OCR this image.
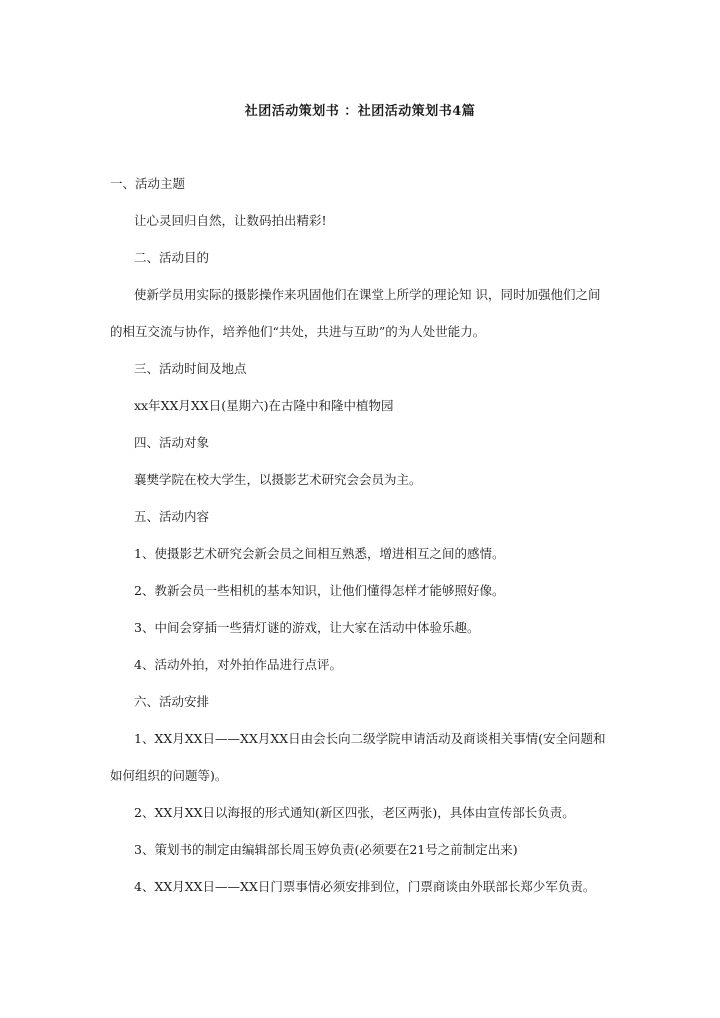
社团活动策划书 ：社团活动策划书4篇
一、活动主题
让心灵回归自然，让数码拍出精彩!
二、活动目的
使新学员用实际的摄影操作来巩固他们在课堂上所学的理论知 识，同时加强他们之间
的相互交流与协作，培养他们“共处，共进与互助”的为人处世能力。
三、活动时间及地点
xx年XX月XX日(星期六)在古隆中和隆中植物园
四、活动对象
襄樊学院在校大学生，以摄影艺术研究会会员为主。
五、活动内容
1、使摄影艺术研究会新会员之间相互熟悉，增进相互之间的感情。
2、教新会员一些相机的基本知识，让他们懂得怎样才能够照好像。
3、中间会穿插一些猜灯谜的游戏，让大家在活动中体验乐趣。
4、活动外拍，对外拍作品进行点评。
六、活动安排
1、XX月XX日——XX月XX日由会长向二级学院申请活动及商谈相关事情(安全问题和
如何组织的问题等)。
2、XX月XX日以海报的形式通知(新区四张，老区两张)，具体由宣传部长负责。
3、策划书的制定由编辑部长周玉婷负责(必须要在21号之前制定出来)
4、XX月XX日——XX日门票事情必须安排到位，门票商谈由外联部长郑少军负责。
